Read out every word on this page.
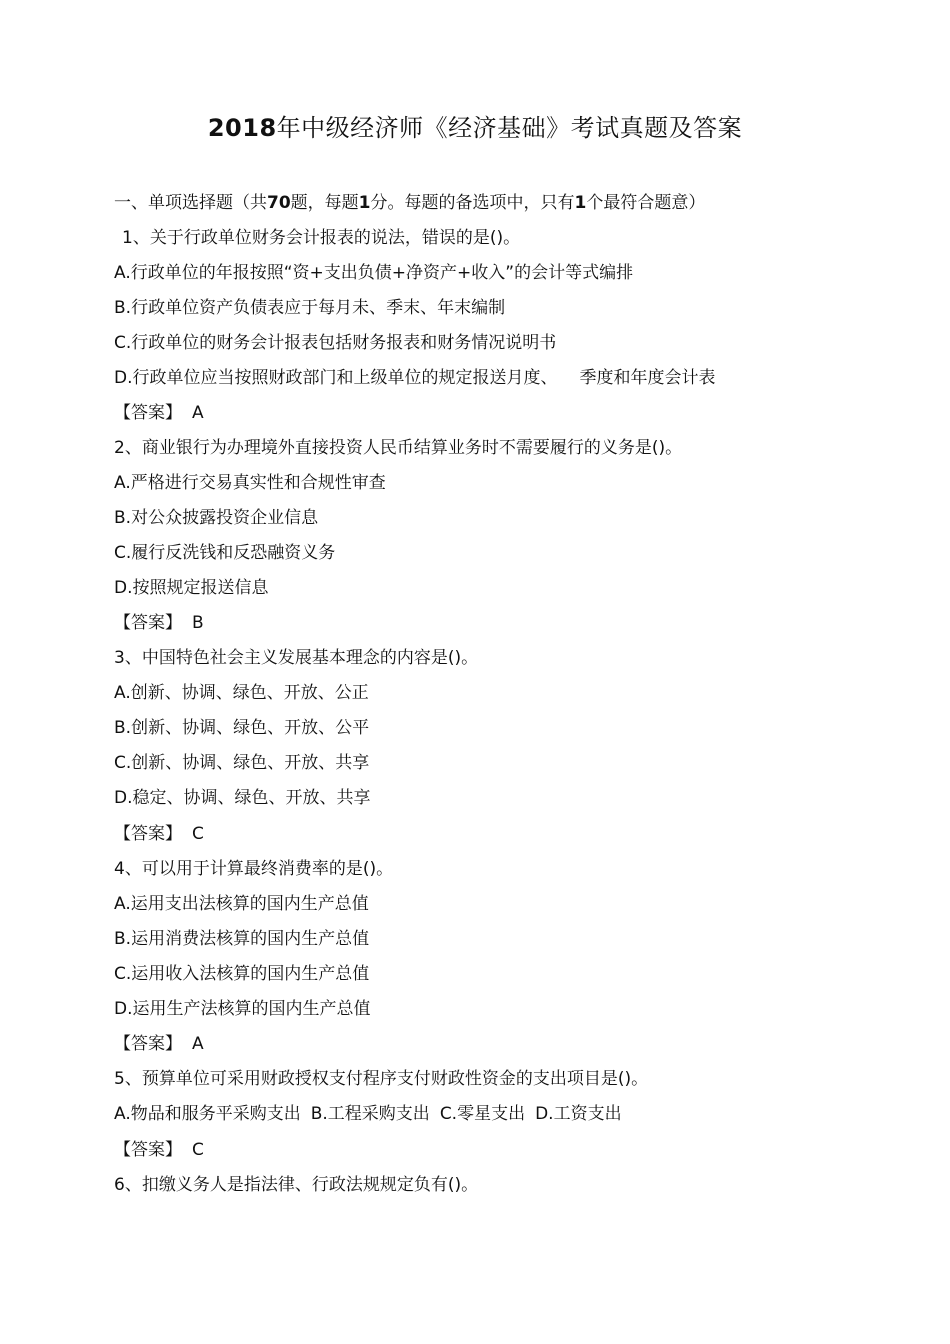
2018年中级经济师《经济基础》考试真题及答案
一、单项选择题（共70题，每题1分。每题的备选项中，只有1个最符合题意）
1、关于行政单位财务会计报表的说法，错误的是()。
A.行政单位的年报按照“资+支出负债+净资产+收入”的会计等式编排
B.行政单位资产负债表应于每月未、季末、年末编制
C.行政单位的财务会计报表包括财务报表和财务情况说明书
D.行政单位应当按照财政部门和上级单位的规定报送月度、 季度和年度会计表
【答案】 A
2、商业银行为办理境外直接投资人民币结算业务时不需要履行的义务是()。
A.严格进行交易真实性和合规性审查
B.对公众披露投资企业信息
C.履行反洗钱和反恐融资义务
D.按照规定报送信息
【答案】 B
3、中国特色社会主义发展基本理念的内容是()。
A.创新、协调、绿色、开放、公正
B.创新、协调、绿色、开放、公平
C.创新、协调、绿色、开放、共享
D.稳定、协调、绿色、开放、共享
【答案】 C
4、可以用于计算最终消费率的是()。
A.运用支出法核算的国内生产总值
B.运用消费法核算的国内生产总值
C.运用收入法核算的国内生产总值
D.运用生产法核算的国内生产总值
【答案】 A
5、预算单位可采用财政授权支付程序支付财政性资金的支出项目是()。
A.物品和服务平采购支出 B.工程采购支出 C.零星支出 D.工资支出
【答案】 C
6、扣缴义务人是指法律、行政法规规定负有()。
